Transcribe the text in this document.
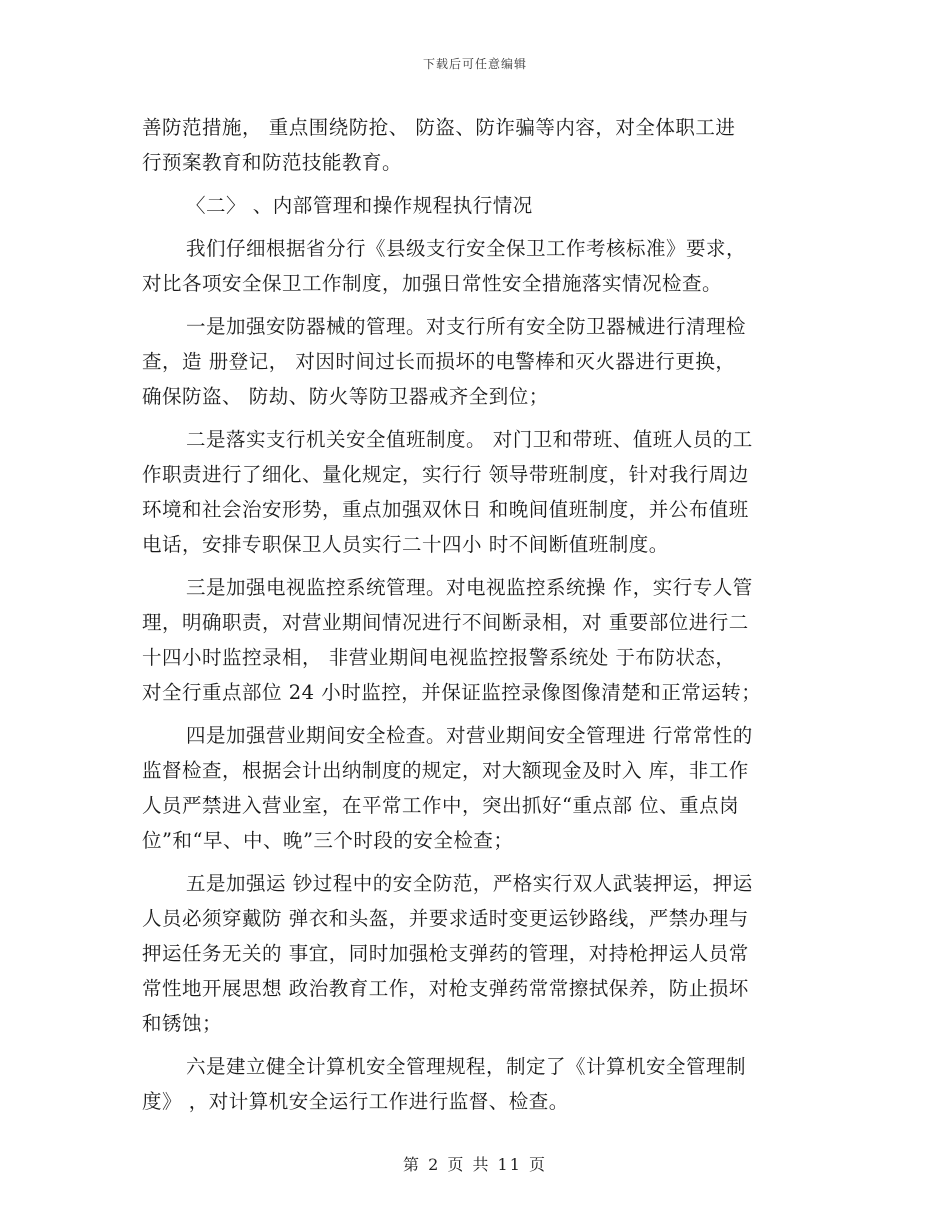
下载后可任意编辑
善防范措施， 重点围绕防抢、 防盗、防诈骗等内容，对全体职工进
行预案教育和防范技能教育。
〈二〉 、内部管理和操作规程执行情况
我们仔细根据省分行《县级支行安全保卫工作考核标准》要求，
对比各项安全保卫工作制度，加强日常性安全措施落实情况检查。
一是加强安防器械的管理。对支行所有安全防卫器械进行清理检
查，造 册登记， 对因时间过长而损坏的电警棒和灭火器进行更换，
确保防盗、 防劫、防火等防卫器戒齐全到位；
二是落实支行机关安全值班制度。 对门卫和带班、值班人员的工
作职责进行了细化、量化规定，实行行 领导带班制度，针对我行周边
环境和社会治安形势，重点加强双休日 和晚间值班制度，并公布值班
电话，安排专职保卫人员实行二十四小 时不间断值班制度。
三是加强电视监控系统管理。对电视监控系统操 作，实行专人管
理，明确职责，对营业期间情况进行不间断录相，对 重要部位进行二
十四小时监控录相， 非营业期间电视监控报警系统处 于布防状态，
对全行重点部位 24 小时监控，并保证监控录像图像清楚和正常运转；
四是加强营业期间安全检查。对营业期间安全管理进 行常常性的
监督检查，根据会计出纳制度的规定，对大额现金及时入 库，非工作
人员严禁进入营业室，在平常工作中，突出抓好“重点部 位、重点岗
位”和“早、中、晚”三个时段的安全检查；
五是加强运 钞过程中的安全防范，严格实行双人武装押运，押运
人员必须穿戴防 弹衣和头盔，并要求适时变更运钞路线，严禁办理与
押运任务无关的 事宜，同时加强枪支弹药的管理，对持枪押运人员常
常性地开展思想 政治教育工作，对枪支弹药常常擦拭保养，防止损坏
和锈蚀；
六是建立健全计算机安全管理规程，制定了《计算机安全管理制
度》 ，对计算机安全运行工作进行监督、检查。
第 2 页 共 11 页
